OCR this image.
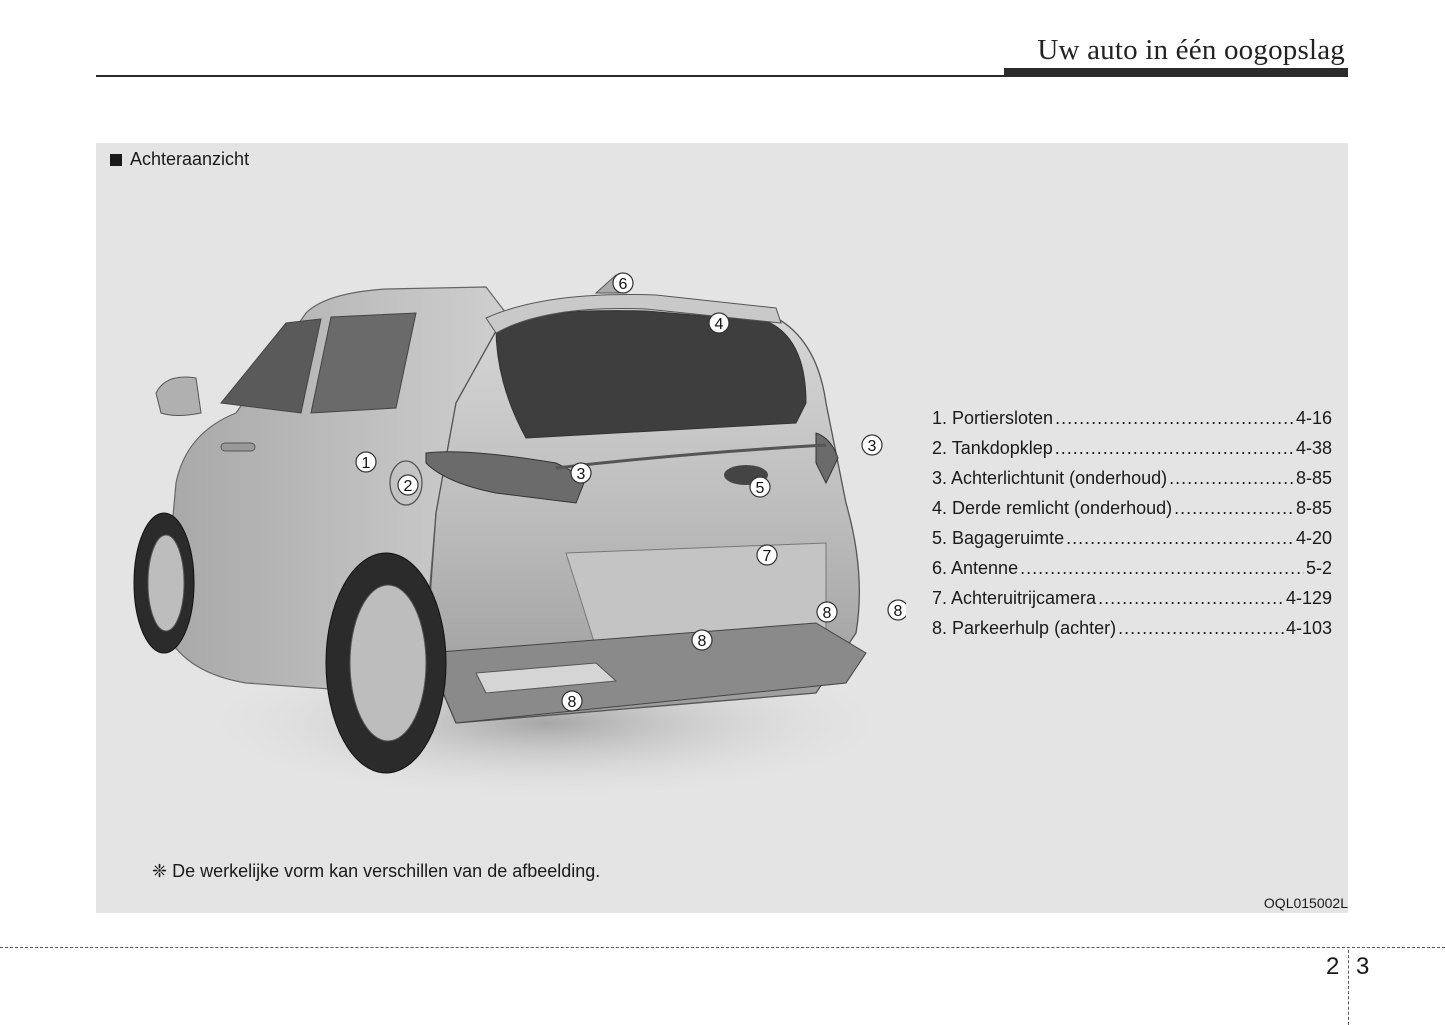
Uw auto in één oogopslag
Achteraanzicht
1
2
3
3
4
5
6
7
8	8
8
8
1. Portiersloten .....	4-16
2. Tankdopklep .....	4-38
3. Achterlichtunit (onderhoud) .....	8-85
4. Derde remlicht (onderhoud) .....	8-85
5. Bagageruimte .....	4-20
6. Antenne .....	5-2
7. Achteruitrijcamera .....	4-129
8. Parkeerhulp (achter) .....	4-103
❈ De werkelijke vorm kan verschillen van de afbeelding.
OQL015002L
2 3
